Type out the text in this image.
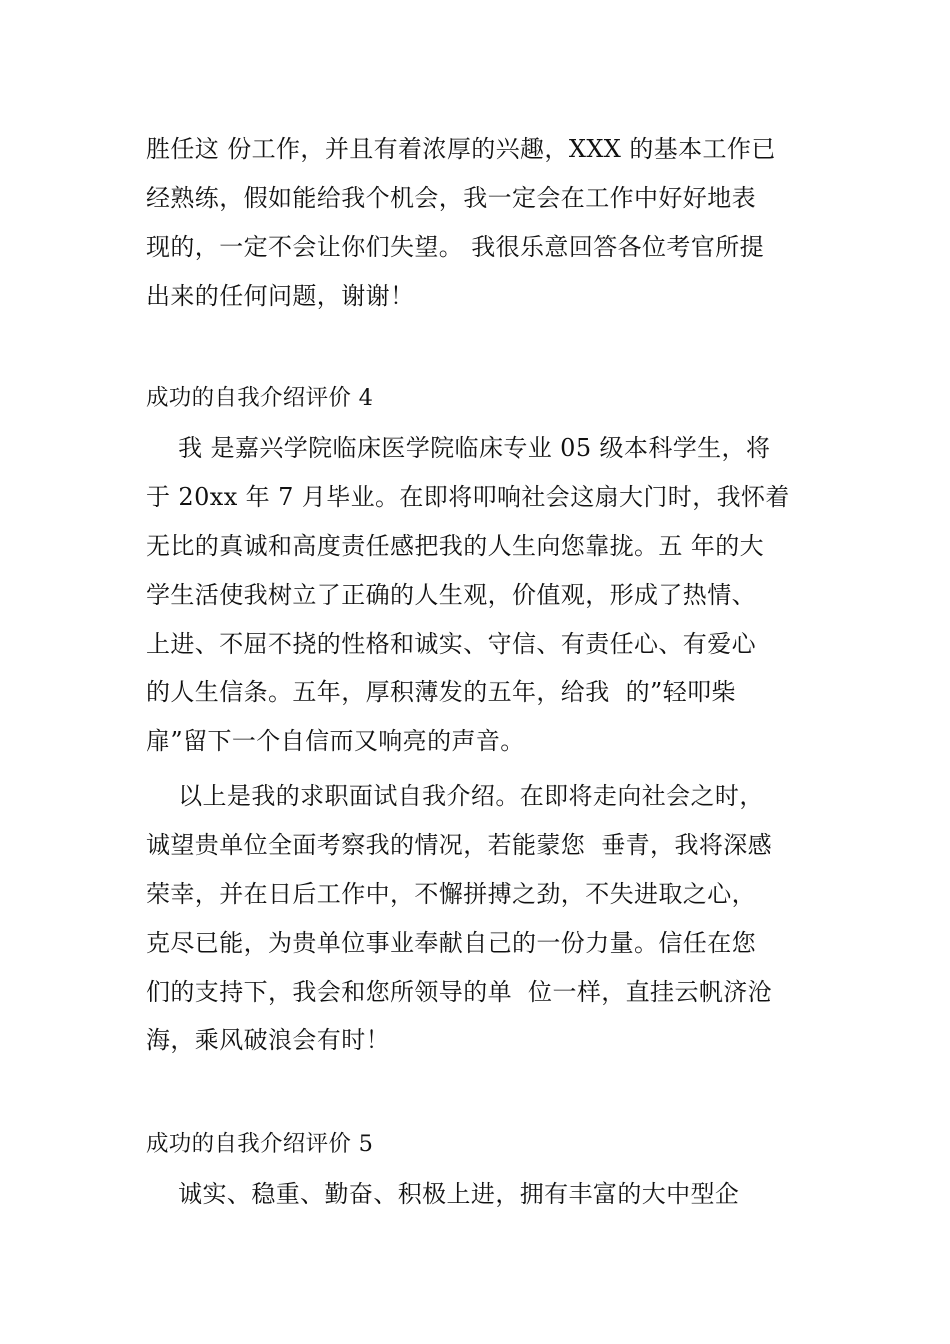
胜任这 份工作，并且有着浓厚的兴趣，XXX 的基本工作已
经熟练，假如能给我个机会，我一定会在工作中好好地表
现的，一定不会让你们失望。 我很乐意回答各位考官所提
出来的任何问题，谢谢！
成功的自我介绍评价 4
我 是嘉兴学院临床医学院临床专业 05 级本科学生，将
于 20xx 年 7 月毕业。在即将叩响社会这扇大门时，我怀着
无比的真诚和高度责任感把我的人生向您靠拢。五 年的大
学生活使我树立了正确的人生观，价值观，形成了热情、
上进、不屈不挠的性格和诚实、守信、有责任心、有爱心
的人生信条。五年，厚积薄发的五年，给我  的”轻叩柴
扉”留下一个自信而又响亮的声音。
以上是我的求职面试自我介绍。在即将走向社会之时，
诚望贵单位全面考察我的情况，若能蒙您  垂青，我将深感
荣幸，并在日后工作中，不懈拼搏之劲，不失进取之心，
克尽已能，为贵单位事业奉献自己的一份力量。信任在您
们的支持下，我会和您所领导的单  位一样，直挂云帆济沧
海，乘风破浪会有时！
成功的自我介绍评价 5
诚实、稳重、勤奋、积极上进，拥有丰富的大中型企
